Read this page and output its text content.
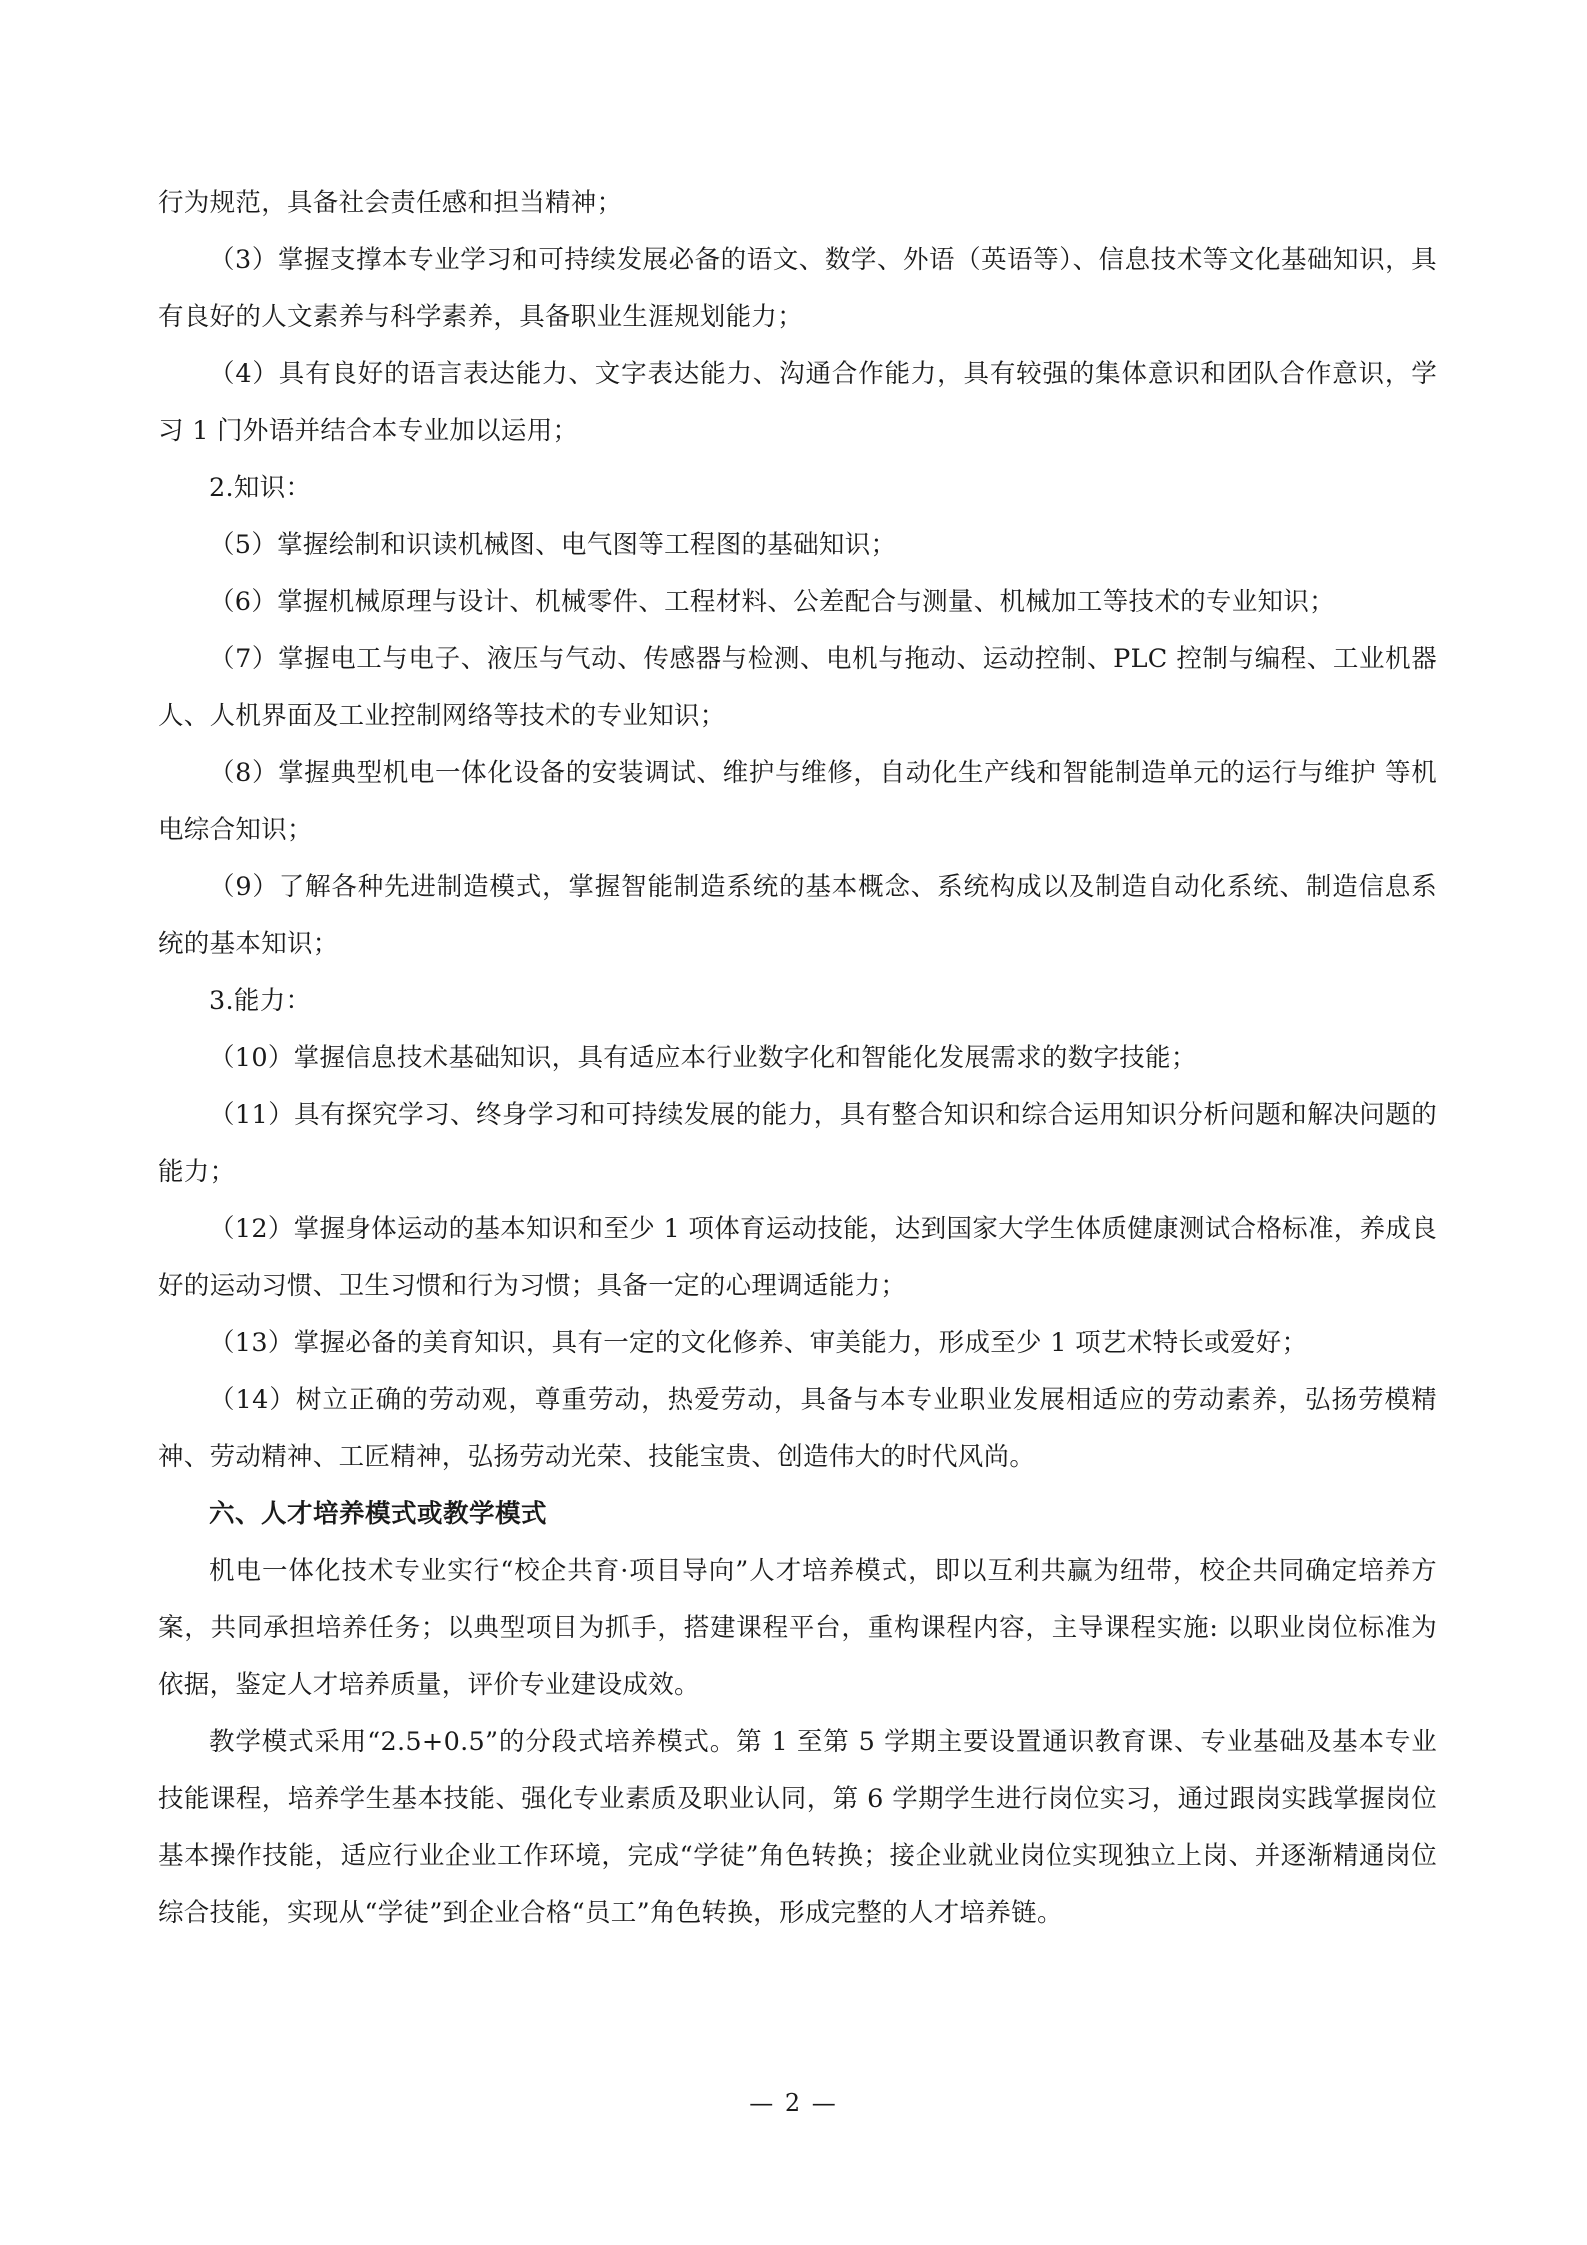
行为规范，具备社会责任感和担当精神；

（3）掌握支撑本专业学习和可持续发展必备的语文、数学、外语（英语等）、信息技术等文化基础知识，具有良好的人文素养与科学素养，具备职业生涯规划能力；

（4）具有良好的语言表达能力、文字表达能力、沟通合作能力，具有较强的集体意识和团队合作意识，学习 1 门外语并结合本专业加以运用；

2.知识：

（5）掌握绘制和识读机械图、电气图等工程图的基础知识；

（6）掌握机械原理与设计、机械零件、工程材料、公差配合与测量、机械加工等技术的专业知识；

（7）掌握电工与电子、液压与气动、传感器与检测、电机与拖动、运动控制、PLC 控制与编程、工业机器人、人机界面及工业控制网络等技术的专业知识；

（8）掌握典型机电一体化设备的安装调试、维护与维修，自动化生产线和智能制造单元的运行与维护 等机电综合知识；

（9）了解各种先进制造模式，掌握智能制造系统的基本概念、系统构成以及制造自动化系统、制造信息系统的基本知识；

3.能力：

（10）掌握信息技术基础知识，具有适应本行业数字化和智能化发展需求的数字技能；

（11）具有探究学习、终身学习和可持续发展的能力，具有整合知识和综合运用知识分析问题和解决问题的能力；

（12）掌握身体运动的基本知识和至少 1 项体育运动技能，达到国家大学生体质健康测试合格标准，养成良好的运动习惯、卫生习惯和行为习惯；具备一定的心理调适能力；

（13）掌握必备的美育知识，具有一定的文化修养、审美能力，形成至少 1 项艺术特长或爱好；

（14）树立正确的劳动观，尊重劳动，热爱劳动，具备与本专业职业发展相适应的劳动素养，弘扬劳模精神、劳动精神、工匠精神，弘扬劳动光荣、技能宝贵、创造伟大的时代风尚。

六、人才培养模式或教学模式

机电一体化技术专业实行“校企共育·项目导向”人才培养模式，即以互利共赢为纽带，校企共同确定培养方案，共同承担培养任务；以典型项目为抓手，搭建课程平台，重构课程内容，主导课程实施: 以职业岗位标准为依据，鉴定人才培养质量，评价专业建设成效。

教学模式采用“2.5+0.5”的分段式培养模式。第 1 至第 5 学期主要设置通识教育课、专业基础及基本专业技能课程，培养学生基本技能、强化专业素质及职业认同，第 6 学期学生进行岗位实习，通过跟岗实践掌握岗位基本操作技能，适应行业企业工作环境，完成“学徒”角色转换；接企业就业岗位实现独立上岗、并逐渐精通岗位综合技能，实现从“学徒”到企业合格“员工”角色转换，形成完整的人才培养链。

— 2 —
